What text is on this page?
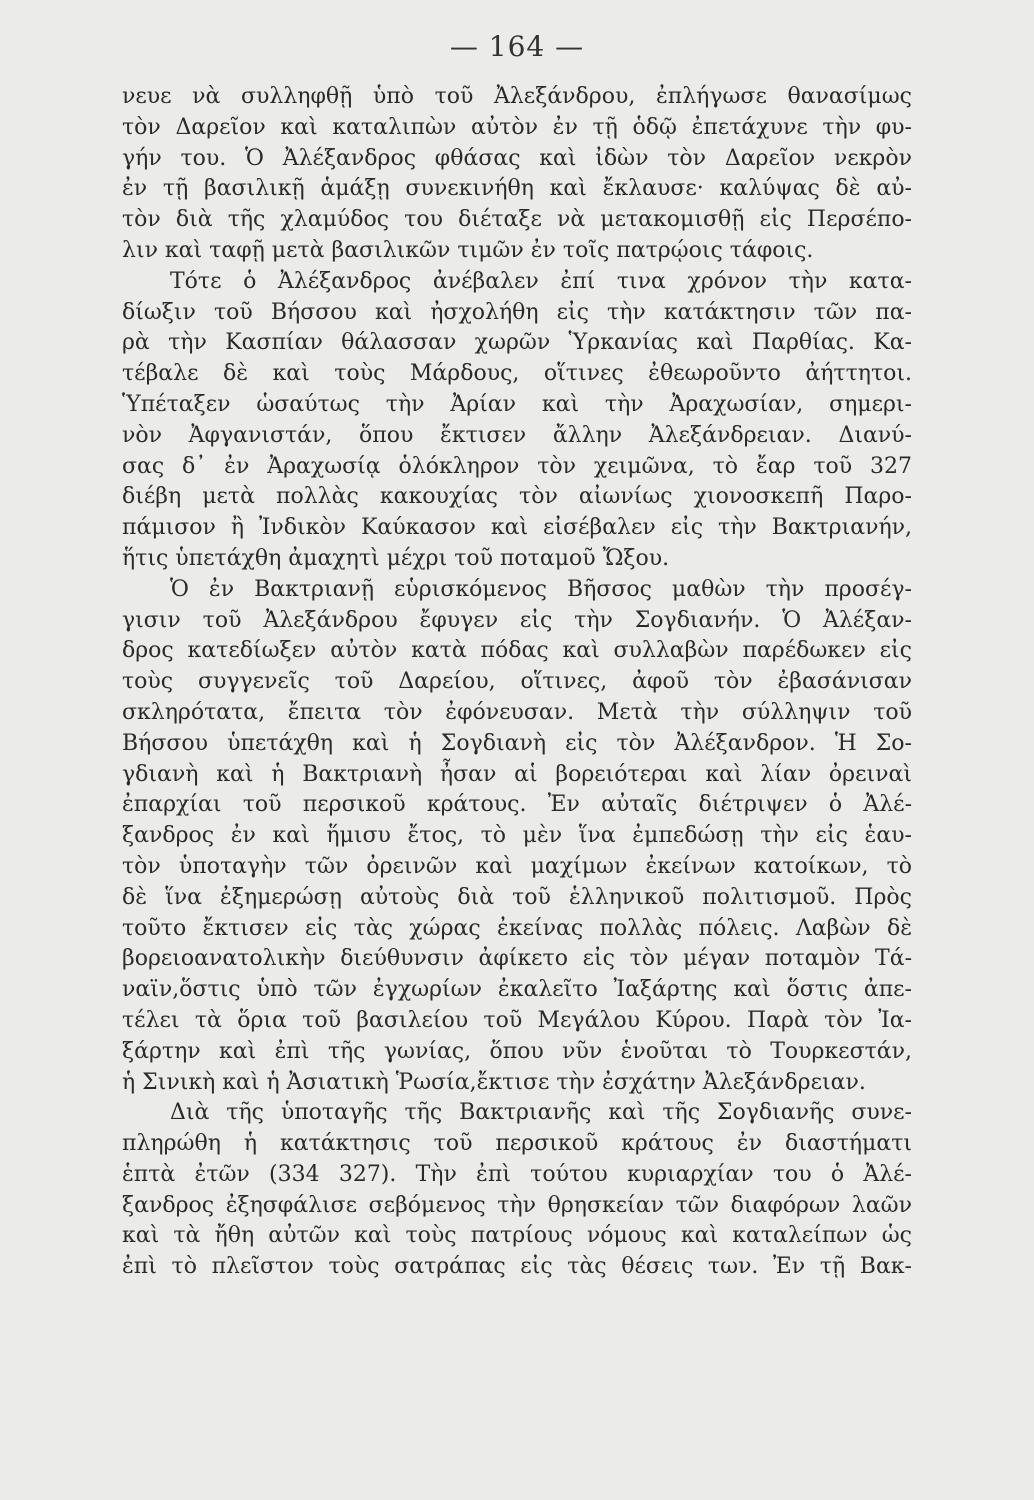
— 164 —
νευε νὰ συλληφθῇ ὑπὸ τοῦ Ἀλεξάνδρου, ἐπλήγωσε θανασίμως
τὸν Δαρεῖον καὶ καταλιπὼν αὐτὸν ἐν τῇ ὁδῷ ἐπετάχυνε τὴν φυ-
γήν του. Ὁ Ἀλέξανδρος φθάσας καὶ ἰδὼν τὸν Δαρεῖον νεκρὸν
ἐν τῇ βασιλικῇ ἁμάξῃ συνεκινήθη καὶ ἔκλαυσε· καλύψας δὲ αὐ-
τὸν διὰ τῆς χλαμύδος του διέταξε νὰ μετακομισθῇ εἰς Περσέπο-
λιν καὶ ταφῇ μετὰ βασιλικῶν τιμῶν ἐν τοῖς πατρῴοις τάφοις.
Τότε ὁ Ἀλέξανδρος ἀνέβαλεν ἐπί τινα χρόνον τὴν κατα-
δίωξιν τοῦ Βήσσου καὶ ἠσχολήθη εἰς τὴν κατάκτησιν τῶν πα-
ρὰ τὴν Κασπίαν θάλασσαν χωρῶν Ὑρκανίας καὶ Παρθίας. Κα-
τέβαλε δὲ καὶ τοὺς Μάρδους, οἵτινες ἐθεωροῦντο ἀήττητοι.
Ὑπέταξεν ὡσαύτως τὴν Ἀρίαν καὶ τὴν Ἀραχωσίαν, σημερι-
νὸν Ἀφγανιστάν, ὅπου ἔκτισεν ἄλλην Ἀλεξάνδρειαν. Διανύ-
σας δ᾽ ἐν Ἀραχωσίᾳ ὁλόκληρον τὸν χειμῶνα, τὸ ἔαρ τοῦ 327
διέβη μετὰ πολλὰς κακουχίας τὸν αἰωνίως χιονοσκεπῆ Παρο-
πάμισον ἢ Ἰνδικὸν Καύκασον καὶ εἰσέβαλεν εἰς τὴν Βακτριανήν,
ἥτις ὑπετάχθη ἀμαχητὶ μέχρι τοῦ ποταμοῦ Ὤξου.
Ὁ ἐν Βακτριανῇ εὑρισκόμενος Βῆσσος μαθὼν τὴν προσέγ-
γισιν τοῦ Ἀλεξάνδρου ἔφυγεν εἰς τὴν Σογδιανήν. Ὁ Ἀλέξαν-
δρος κατεδίωξεν αὐτὸν κατὰ πόδας καὶ συλλαβὼν παρέδωκεν εἰς
τοὺς συγγενεῖς τοῦ Δαρείου, οἵτινες, ἀφοῦ τὸν ἐβασάνισαν
σκληρότατα, ἔπειτα τὸν ἐφόνευσαν. Μετὰ τὴν σύλληψιν τοῦ
Βήσσου ὑπετάχθη καὶ ἡ Σογδιανὴ εἰς τὸν Ἀλέξανδρον. Ἡ Σο-
γδιανὴ καὶ ἡ Βακτριανὴ ἦσαν αἱ βορειότεραι καὶ λίαν ὀρειναὶ
ἐπαρχίαι τοῦ περσικοῦ κράτους. Ἐν αὐταῖς διέτριψεν ὁ Ἀλέ-
ξανδρος ἐν καὶ ἥμισυ ἔτος, τὸ μὲν ἵνα ἐμπεδώσῃ τὴν εἰς ἑαυ-
τὸν ὑποταγὴν τῶν ὀρεινῶν καὶ μαχίμων ἐκείνων κατοίκων, τὸ
δὲ ἵνα ἐξημερώσῃ αὐτοὺς διὰ τοῦ ἑλληνικοῦ πολιτισμοῦ. Πρὸς
τοῦτο ἔκτισεν εἰς τὰς χώρας ἐκείνας πολλὰς πόλεις. Λαβὼν δὲ
βορειοανατολικὴν διεύθυνσιν ἀφίκετο εἰς τὸν μέγαν ποταμὸν Τά-
ναϊν,ὅστις ὑπὸ τῶν ἐγχωρίων ἐκαλεῖτο Ἰαξάρτης καὶ ὅστις ἀπε-
τέλει τὰ ὅρια τοῦ βασιλείου τοῦ Μεγάλου Κύρου. Παρὰ τὸν Ἰα-
ξάρτην καὶ ἐπὶ τῆς γωνίας, ὅπου νῦν ἑνοῦται τὸ Τουρκεστάν,
ἡ Σινικὴ καὶ ἡ Ἀσιατικὴ Ῥωσία,ἔκτισε τὴν ἐσχάτην Ἀλεξάνδρειαν.
Διὰ τῆς ὑποταγῆς τῆς Βακτριανῆς καὶ τῆς Σογδιανῆς συνε-
πληρώθη ἡ κατάκτησις τοῦ περσικοῦ κράτους ἐν διαστήματι
ἑπτὰ ἐτῶν (334 327). Τὴν ἐπὶ τούτου κυριαρχίαν του ὁ Ἀλέ-
ξανδρος ἐξησφάλισε σεβόμενος τὴν θρησκείαν τῶν διαφόρων λαῶν
καὶ τὰ ἤθη αὐτῶν καὶ τοὺς πατρίους νόμους καὶ καταλείπων ὡς
ἐπὶ τὸ πλεῖστον τοὺς σατράπας εἰς τὰς θέσεις των. Ἐν τῇ Βακ-
